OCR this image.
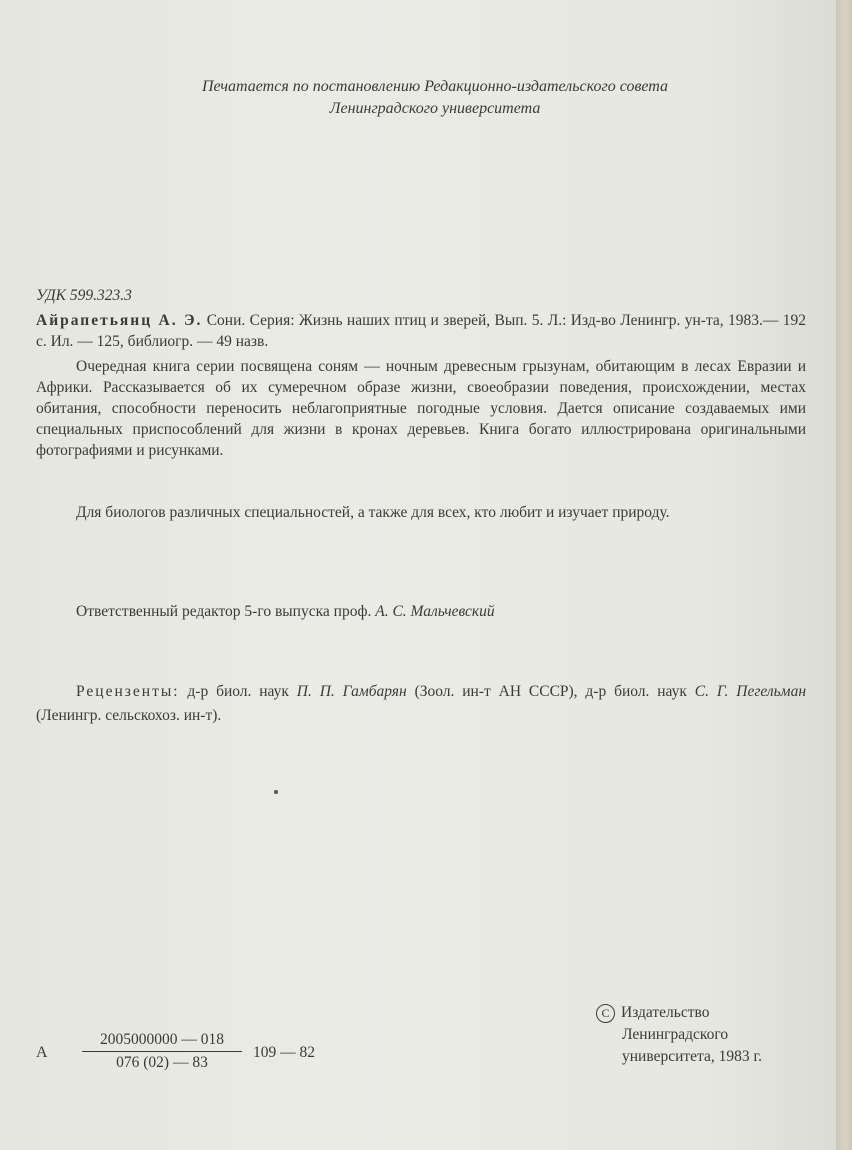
Печатается по постановлению Редакционно-издательского совета
Ленинградского университета
УДК 599.323.3
Айрапетьянц А. Э. Сони. Серия: Жизнь наших птиц и зверей, Вып. 5. Л.: Изд-во Ленингр. ун-та, 1983.— 192 с. Ил. — 125, библиогр. — 49 назв.
Очередная книга серии посвящена соням — ночным древесным грызунам, обитающим в лесах Евразии и Африки. Рассказывается об их сумеречном образе жизни, своеобразии поведения, происхождении, местах обитания, способности переносить неблагоприятные погодные условия. Дается описание создаваемых ими специальных приспособлений для жизни в кронах деревьев. Книга богато иллюстрирована оригинальными фотографиями и рисунками.
Для биологов различных специальностей, а также для всех, кто любит и изучает природу.
Ответственный редактор 5-го выпуска проф. А. С. Мальчевский
Рецензенты: д-р биол. наук П. П. Гамбарян (Зоол. ин-т АН СССР), д-р биол. наук С. Г. Пегельман (Ленингр. сельскохоз. ин-т).
А $\frac{2005000000 — 018}{076 (02) — 83} 109$ — 82
C Издательство
Ленинградского
университета, 1983 г.
